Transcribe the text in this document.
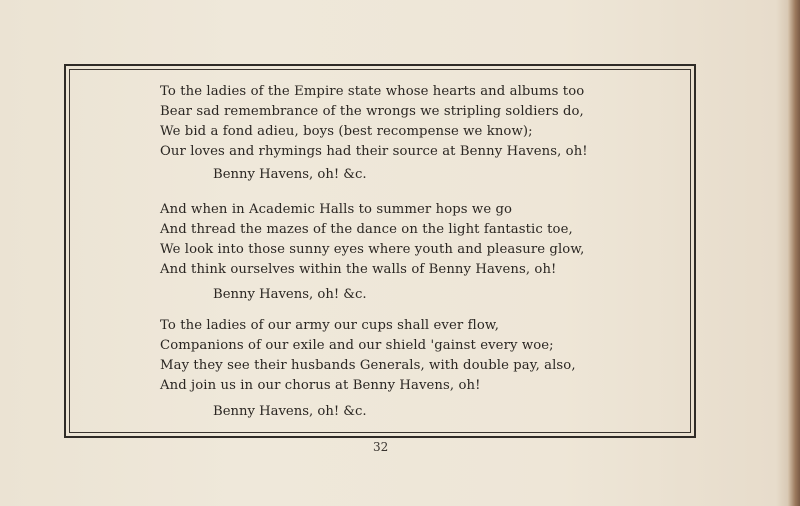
To the ladies of the Empire state whose hearts and albums too
Bear sad remembrance of the wrongs we stripling soldiers do,
We bid a fond adieu, boys (best recompense we know);
Our loves and rhymings had their source at Benny Havens, oh!
Benny Havens, oh! &c.
And when in Academic Halls to summer hops we go
And thread the mazes of the dance on the light fantastic toe,
We look into those sunny eyes where youth and pleasure glow,
And think ourselves within the walls of Benny Havens, oh!
Benny Havens, oh! &c.
To the ladies of our army our cups shall ever flow,
Companions of our exile and our shield 'gainst every woe;
May they see their husbands Generals, with double pay, also,
And join us in our chorus at Benny Havens, oh!
Benny Havens, oh! &c.
32
